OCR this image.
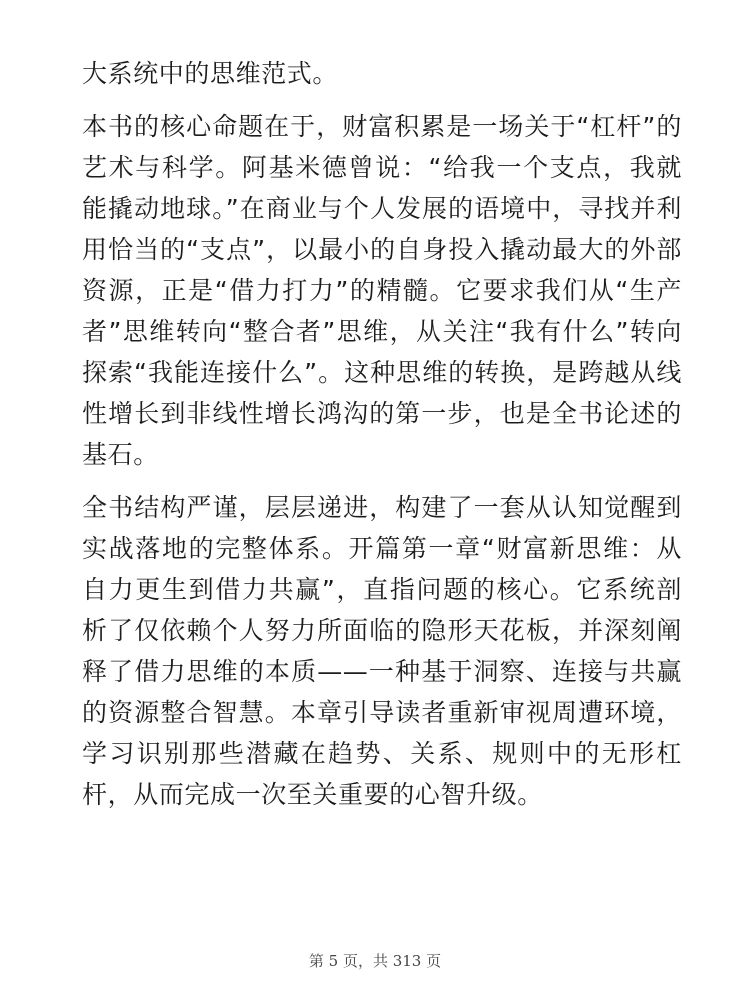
大系统中的思维范式。

本书的核心命题在于，财富积累是一场关于“杠杆”的艺术与科学。阿基米德曾说：“给我一个支点，我就能撬动地球。”在商业与个人发展的语境中，寻找并利用恰当的“支点”，以最小的自身投入撬动最大的外部资源，正是“借力打力”的精髓。它要求我们从“生产者”思维转向“整合者”思维，从关注“我有什么”转向探索“我能连接什么”。这种思维的转换，是跨越从线性增长到非线性增长鸿沟的第一步，也是全书论述的基石。

全书结构严谨，层层递进，构建了一套从认知觉醒到实战落地的完整体系。开篇第一章“财富新思维：从自力更生到借力共赢”，直指问题的核心。它系统剖析了仅依赖个人努力所面临的隐形天花板，并深刻阐释了借力思维的本质——一种基于洞察、连接与共赢的资源整合智慧。本章引导读者重新审视周遭环境，学习识别那些潜藏在趋势、关系、规则中的无形杠杆，从而完成一次至关重要的心智升级。

第 5 页，共 313 页
